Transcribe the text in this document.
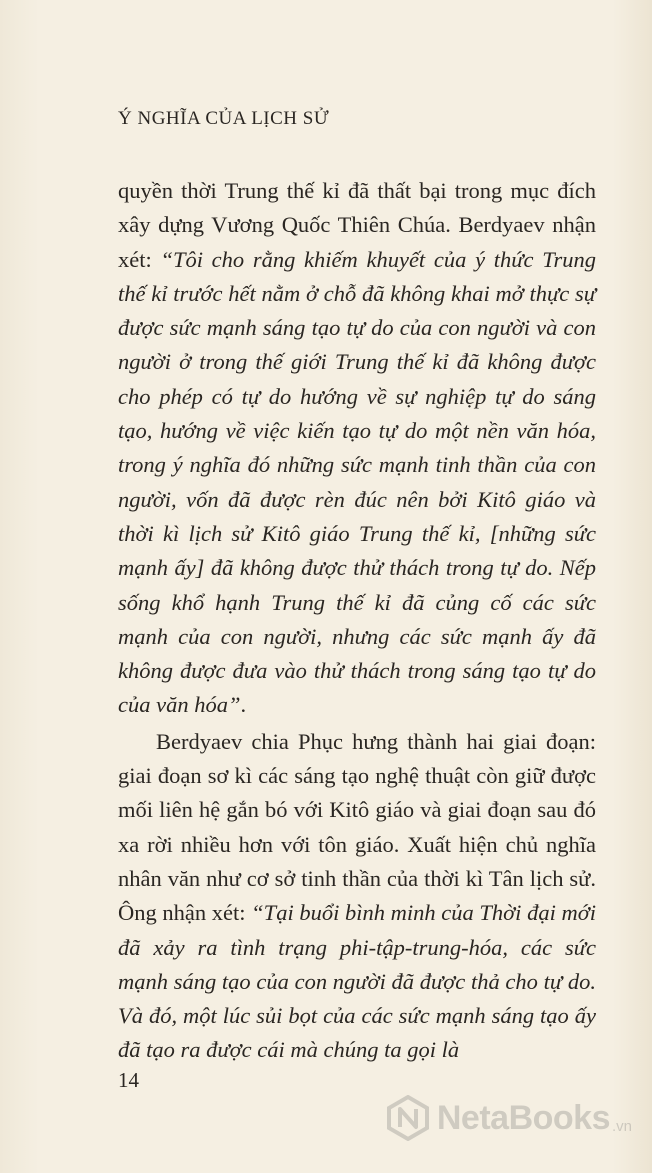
Ý NGHĨA CỦA LỊCH SỬ

quyền thời Trung thế kỉ đã thất bại trong mục đích xây dựng Vương Quốc Thiên Chúa. Berdyaev nhận xét: “Tôi cho rằng khiếm khuyết của ý thức Trung thế kỉ trước hết nằm ở chỗ đã không khai mở thực sự được sức mạnh sáng tạo tự do của con người và con người ở trong thế giới Trung thế kỉ đã không được cho phép có tự do hướng về sự nghiệp tự do sáng tạo, hướng về việc kiến tạo tự do một nền văn hóa, trong ý nghĩa đó những sức mạnh tinh thần của con người, vốn đã được rèn đúc nên bởi Kitô giáo và thời kì lịch sử Kitô giáo Trung thế kỉ, [những sức mạnh ấy] đã không được thử thách trong tự do. Nếp sống khổ hạnh Trung thế kỉ đã củng cố các sức mạnh của con người, nhưng các sức mạnh ấy đã không được đưa vào thử thách trong sáng tạo tự do của văn hóa”.

Berdyaev chia Phục hưng thành hai giai đoạn: giai đoạn sơ kì các sáng tạo nghệ thuật còn giữ được mối liên hệ gắn bó với Kitô giáo và giai đoạn sau đó xa rời nhiều hơn với tôn giáo. Xuất hiện chủ nghĩa nhân văn như cơ sở tinh thần của thời kì Tân lịch sử. Ông nhận xét: “Tại buổi bình minh của Thời đại mới đã xảy ra tình trạng phi-tập-trung-hóa, các sức mạnh sáng tạo của con người đã được thả cho tự do. Và đó, một lúc sủi bọt của các sức mạnh sáng tạo ấy đã tạo ra được cái mà chúng ta gọi là

14
NetaBooks .vn
